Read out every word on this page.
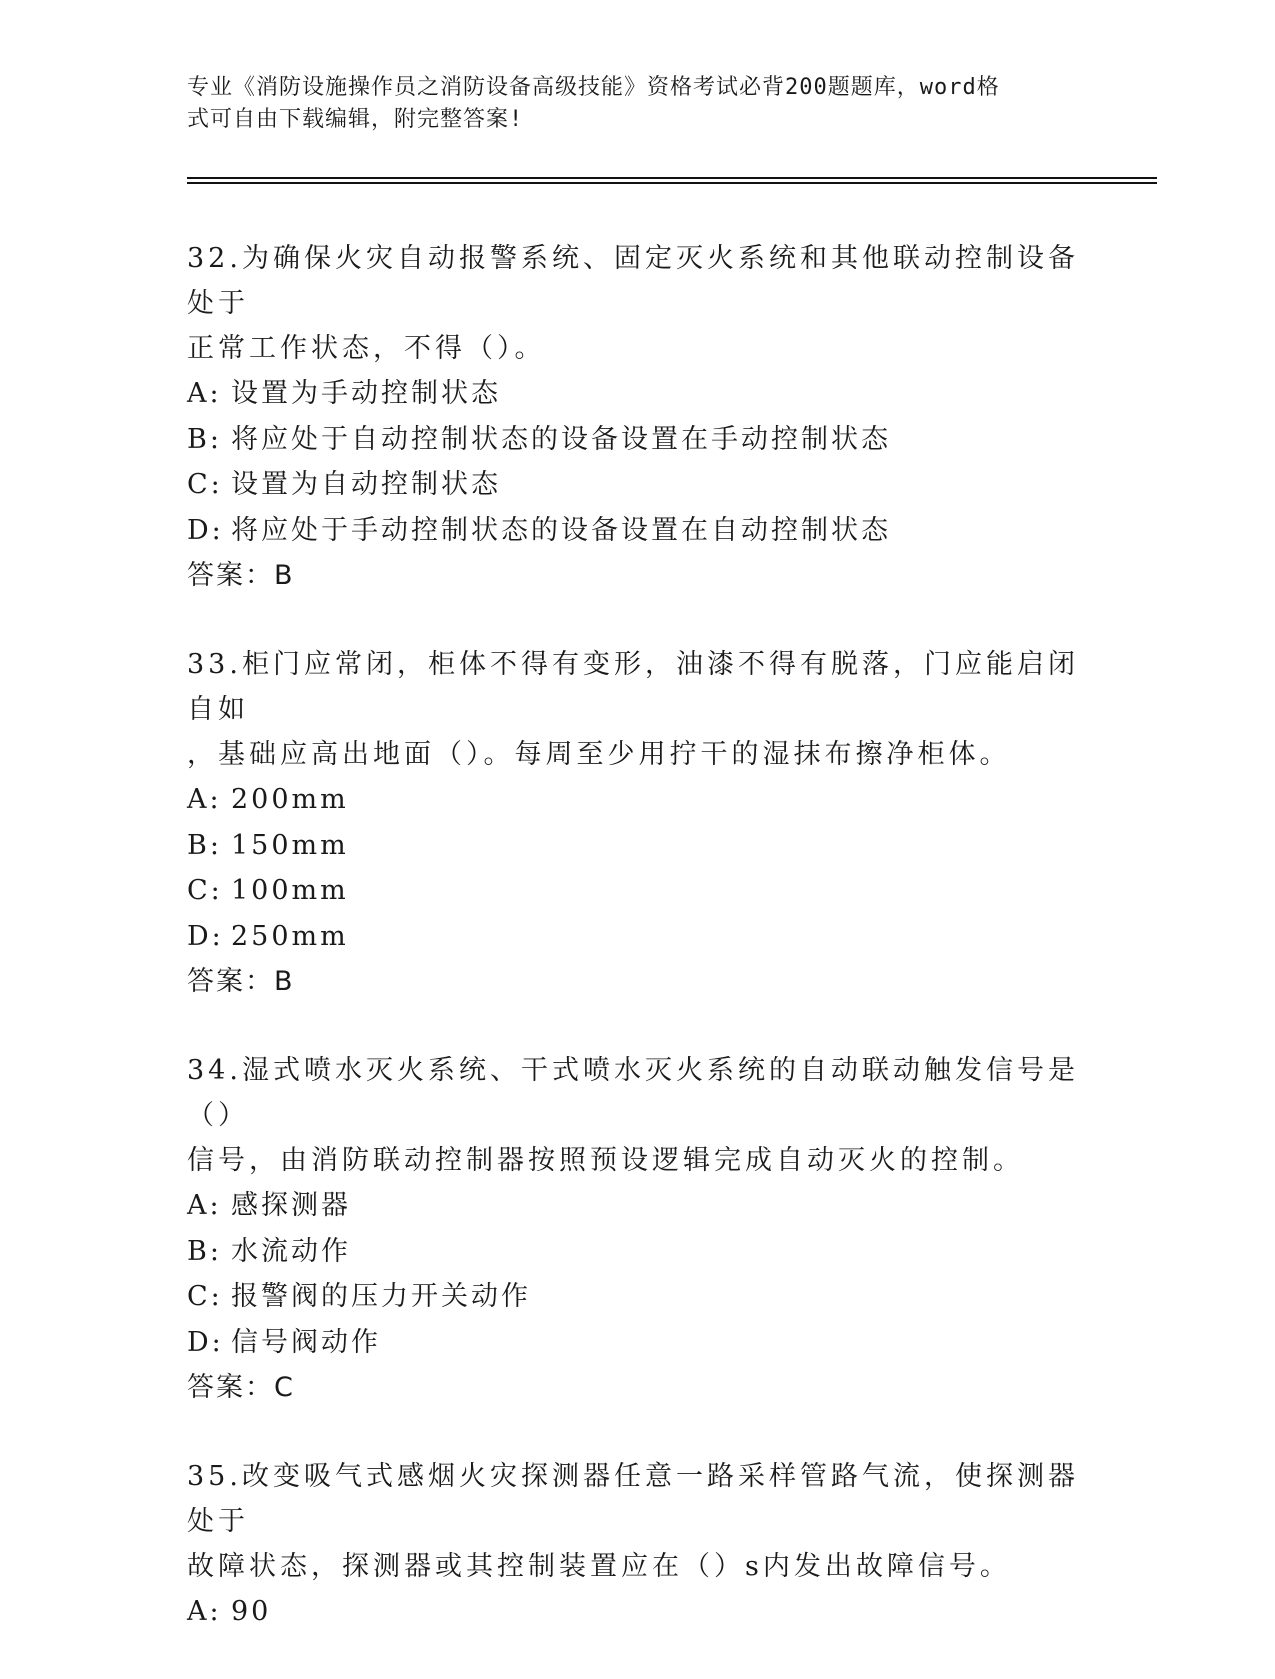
专业《消防设施操作员之消防设备高级技能》资格考试必背200题题库，word格
式可自由下载编辑，附完整答案!

32.为确保火灾自动报警系统、固定灭火系统和其他联动控制设备处于
正常工作状态，不得（）。

A: 设置为手动控制状态
B: 将应处于自动控制状态的设备设置在手动控制状态
C: 设置为自动控制状态
D: 将应处于手动控制状态的设备设置在自动控制状态
答案：B

33.柜门应常闭，柜体不得有变形，油漆不得有脱落，门应能启闭自如
，基础应高出地面（）。每周至少用拧干的湿抹布擦净柜体。

A: 200mm
B: 150mm
C: 100mm
D: 250mm
答案：B

34.湿式喷水灭火系统、干式喷水灭火系统的自动联动触发信号是（）
信号，由消防联动控制器按照预设逻辑完成自动灭火的控制。

A: 感探测器
B: 水流动作
C: 报警阀的压力开关动作
D: 信号阀动作
答案：C

35.改变吸气式感烟火灾探测器任意一路采样管路气流，使探测器处于
故障状态，探测器或其控制装置应在（）s内发出故障信号。

A: 90
